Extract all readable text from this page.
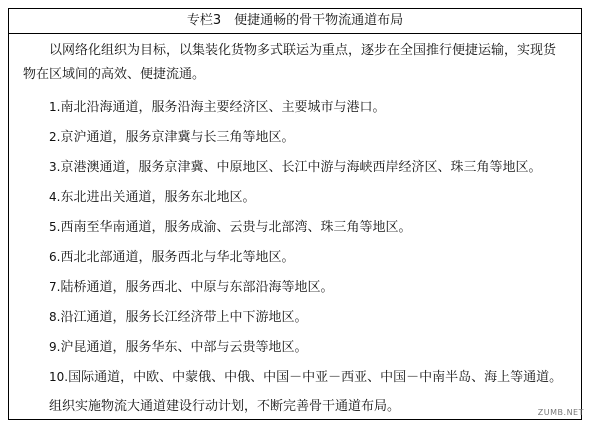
专栏3　便捷通畅的骨干物流通道布局

以网络化组织为目标，以集装化货物多式联运为重点，逐步在全国推行便捷运输，实现货物在区域间的高效、便捷流通。

1.南北沿海通道，服务沿海主要经济区、主要城市与港口。
2.京沪通道，服务京津冀与长三角等地区。
3.京港澳通道，服务京津冀、中原地区、长江中游与海峡西岸经济区、珠三角等地区。
4.东北进出关通道，服务东北地区。
5.西南至华南通道，服务成渝、云贵与北部湾、珠三角等地区。
6.西北北部通道，服务西北与华北等地区。
7.陆桥通道，服务西北、中原与东部沿海等地区。
8.沿江通道，服务长江经济带上中下游地区。
9.沪昆通道，服务华东、中部与云贵等地区。
10.国际通道，中欧、中蒙俄、中俄、中国－中亚－西亚、中国－中南半岛、海上等通道。

组织实施物流大通道建设行动计划，不断完善骨干通道布局。	ZUMB.NET
